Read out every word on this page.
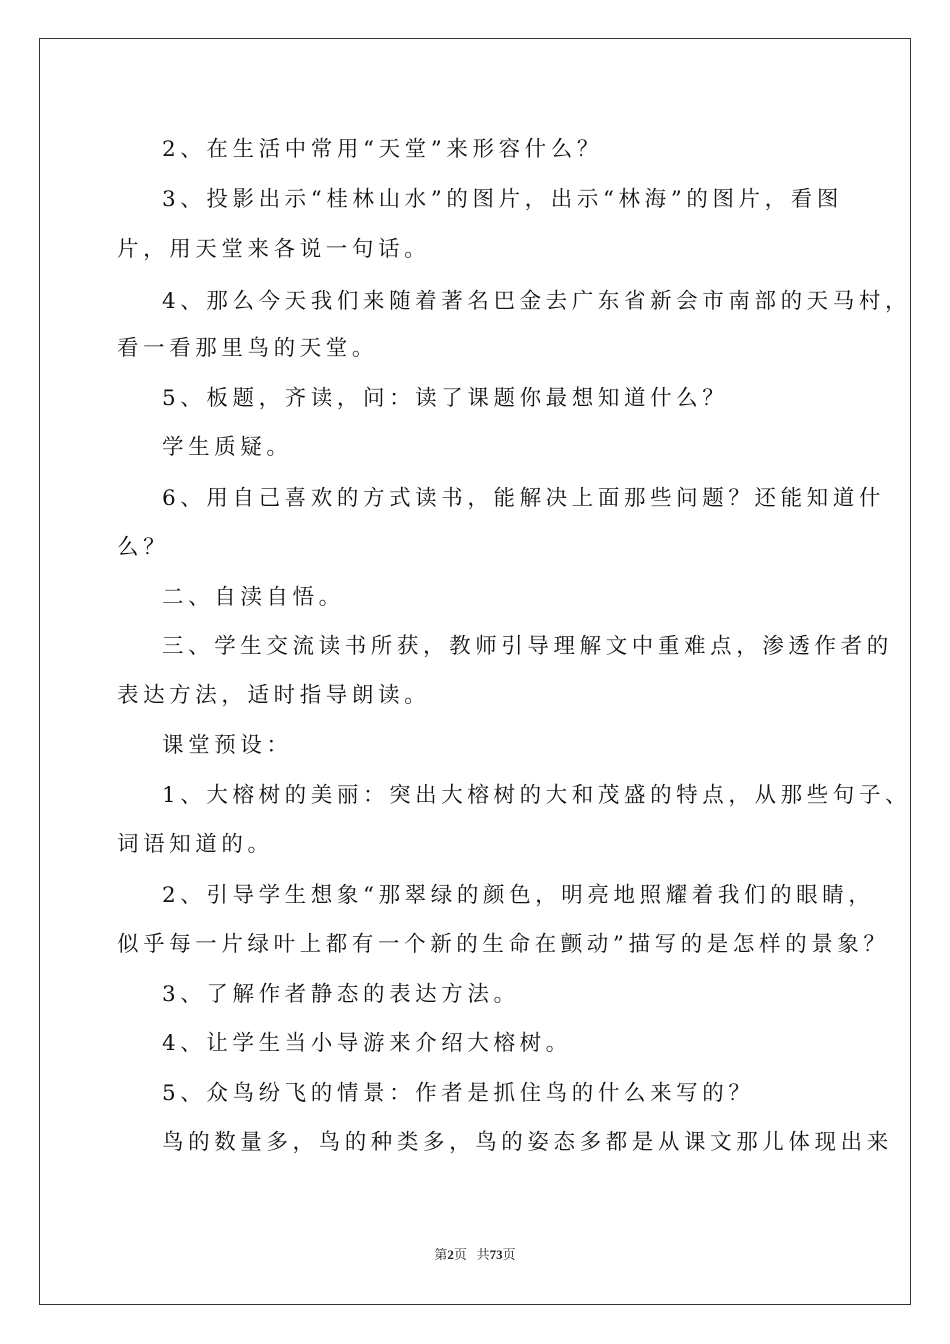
2、在生活中常用“天堂”来形容什么？
3、投影出示“桂林山水”的图片，出示“林海”的图片，看图
片，用天堂来各说一句话。
4、那么今天我们来随着著名巴金去广东省新会市南部的天马村，
看一看那里鸟的天堂。
5、板题，齐读，问：读了课题你最想知道什么？
学生质疑。
6、用自己喜欢的方式读书，能解决上面那些问题？还能知道什
么？
二、自渎自悟。
三、学生交流读书所获，教师引导理解文中重难点，渗透作者的
表达方法，适时指导朗读。
课堂预设：
1、大榕树的美丽：突出大榕树的大和茂盛的特点，从那些句子、
词语知道的。
2、引导学生想象“那翠绿的颜色，明亮地照耀着我们的眼睛，
似乎每一片绿叶上都有一个新的生命在颤动”描写的是怎样的景象？
3、了解作者静态的表达方法。
4、让学生当小导游来介绍大榕树。
5、众鸟纷飞的情景：作者是抓住鸟的什么来写的？
鸟的数量多，鸟的种类多，鸟的姿态多都是从课文那儿体现出来
第2页 共73页
